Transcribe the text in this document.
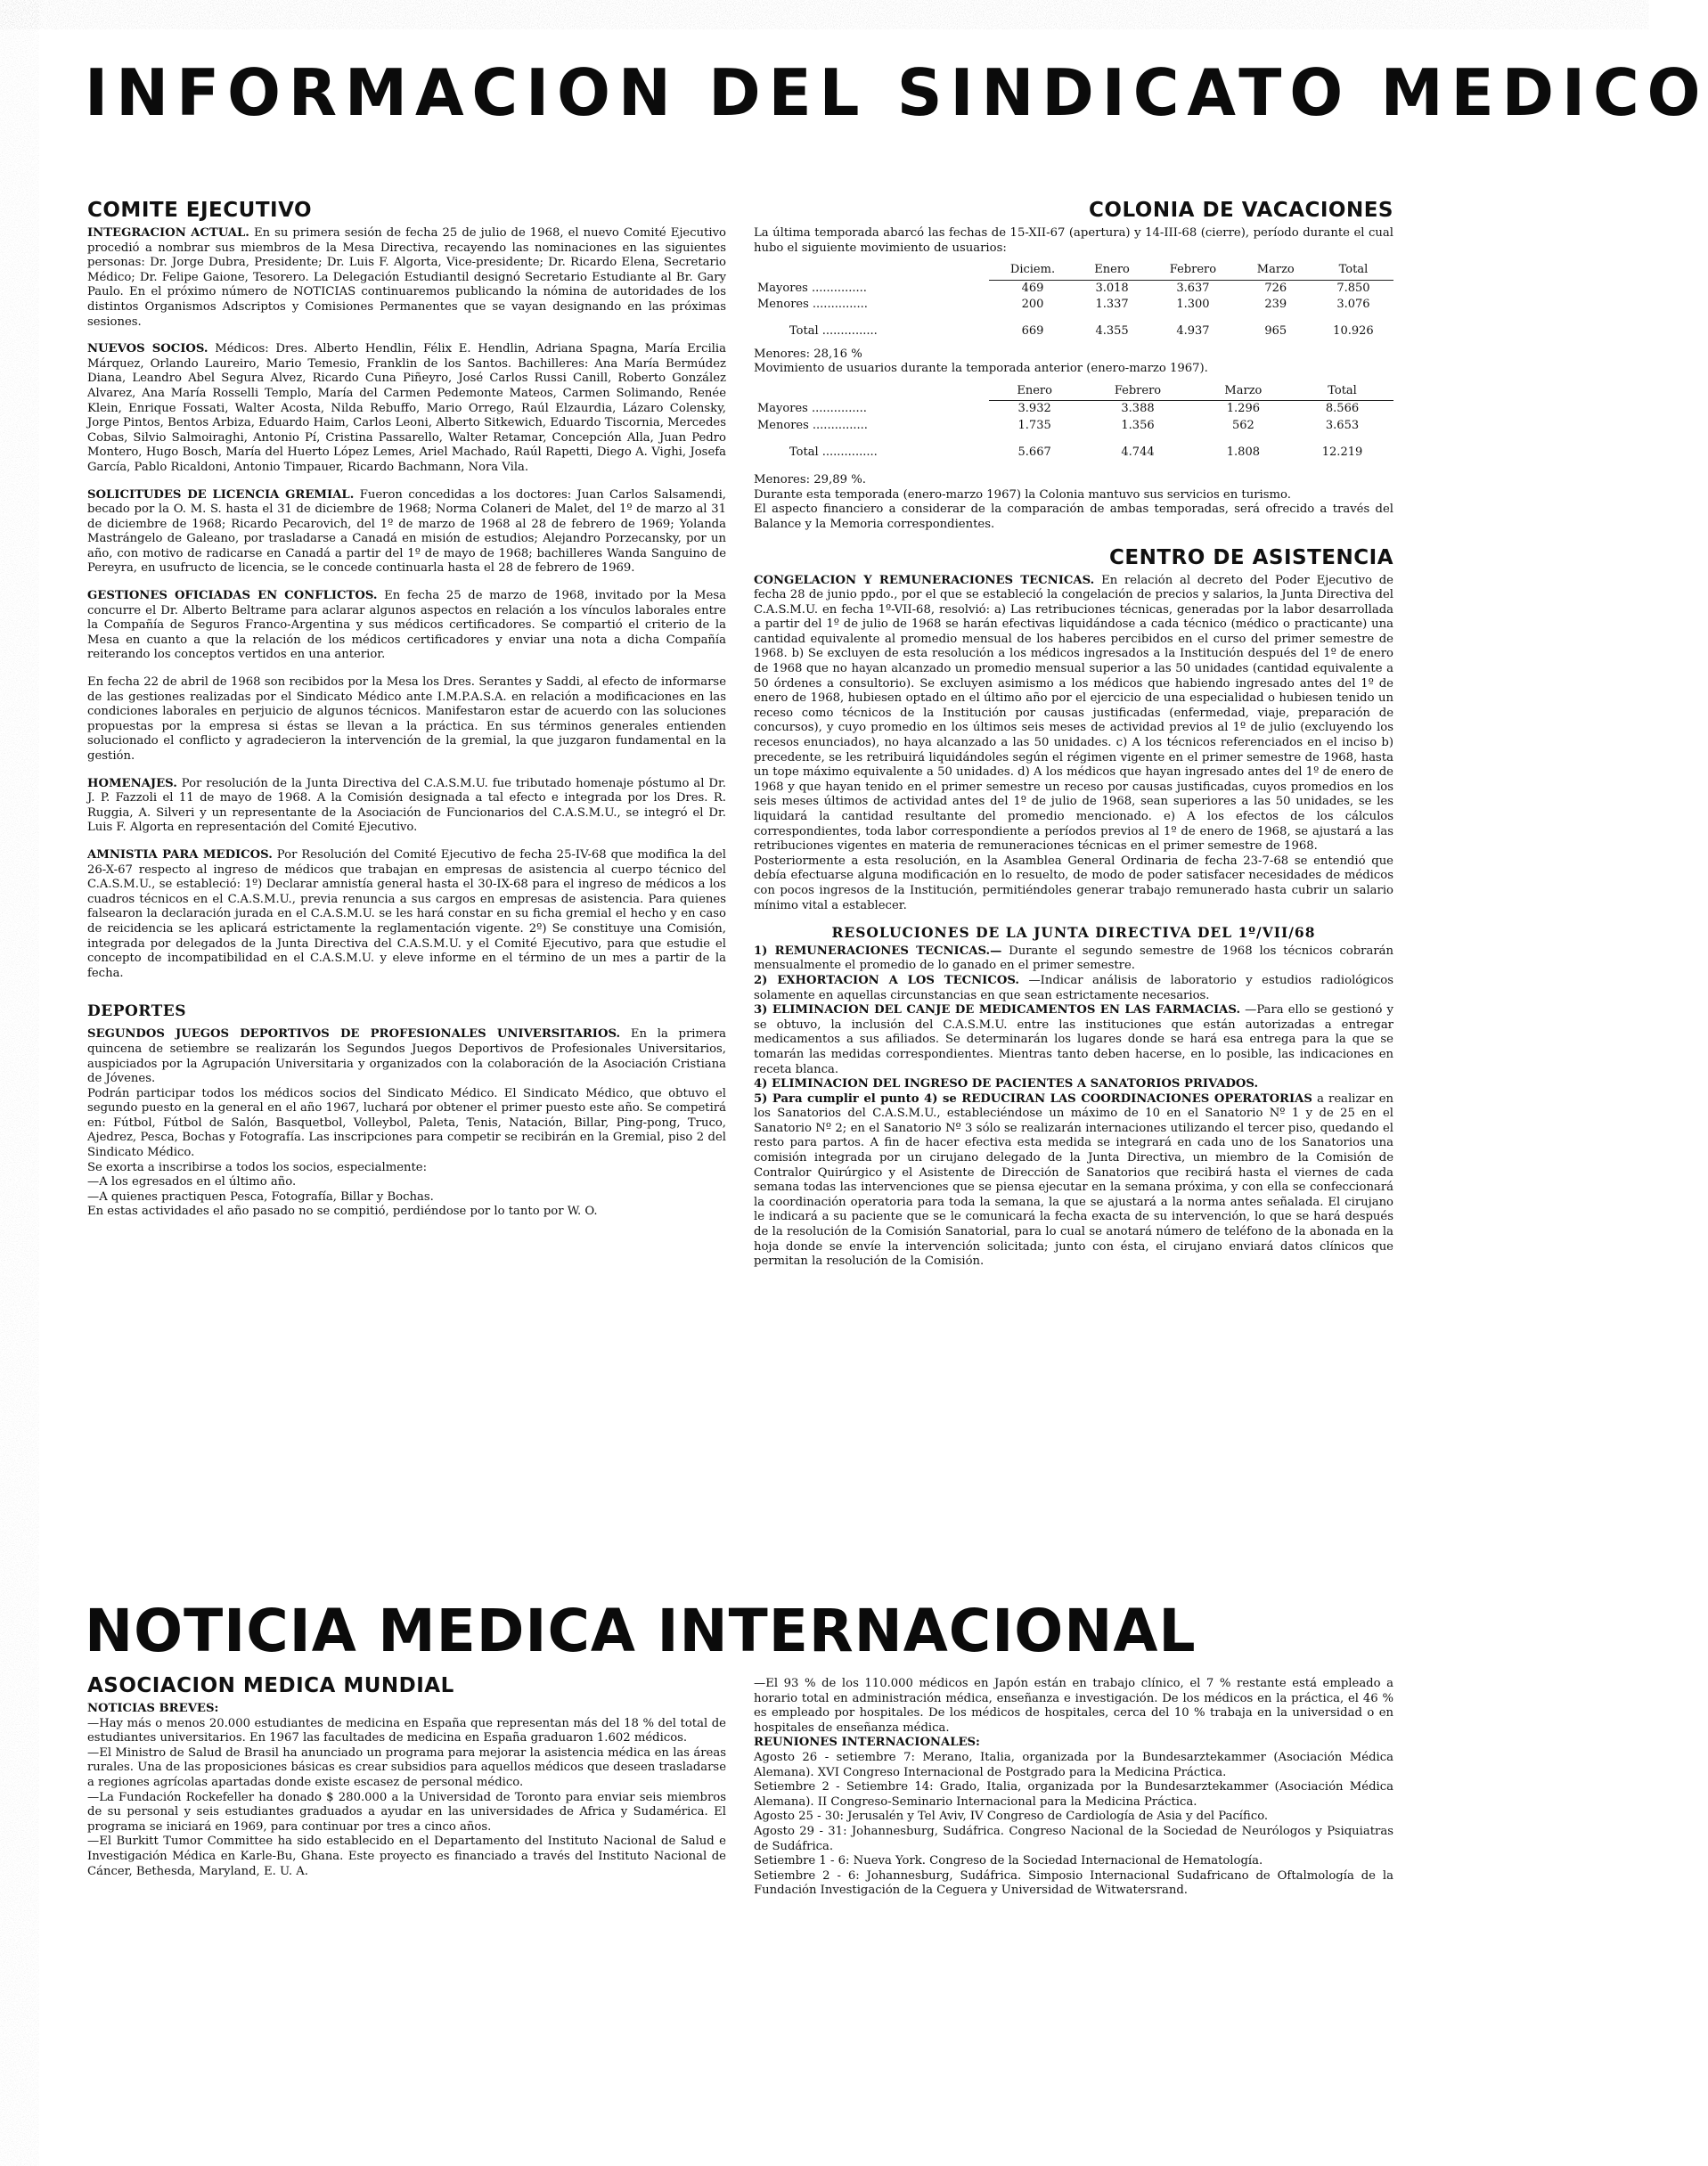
INFORMACION DEL SINDICATO MEDICO
COMITE EJECUTIVO

INTEGRACION ACTUAL. En su primera sesión de fecha 25 de julio de 1968, el nuevo Comité Ejecutivo procedió a nombrar sus miembros de la Mesa Directiva, recayendo las nominaciones en las siguientes personas: Dr. Jorge Dubra, Presidente; Dr. Luis F. Algorta, Vice-presidente; Dr. Ricardo Elena, Secretario Médico; Dr. Felipe Gaione, Tesorero. La Delegación Estudiantil designó Secretario Estudiante al Br. Gary Paulo. En el próximo número de NOTICIAS continuaremos publicando la nómina de autoridades de los distintos Organismos Adscriptos y Comisiones Permanentes que se vayan designando en las próximas sesiones.

NUEVOS SOCIOS. Médicos: Dres. Alberto Hendlin, Félix E. Hendlin, Adriana Spagna, María Ercilia Márquez, Orlando Laureiro, Mario Temesio, Franklin de los Santos. Bachilleres: Ana María Bermúdez Diana, Leandro Abel Segura Alvez, Ricardo Cuna Piñeyro, José Carlos Russi Canill, Roberto González Alvarez, Ana María Rosselli Templo, María del Carmen Pedemonte Mateos, Carmen Solimando, Renée Klein, Enrique Fossati, Walter Acosta, Nilda Rebuffo, Mario Orrego, Raúl Elzaurdia, Lázaro Colensky, Jorge Pintos, Bentos Arbiza, Eduardo Haim, Carlos Leoni, Alberto Sitkewich, Eduardo Tiscornia, Mercedes Cobas, Silvio Salmoiraghi, Antonio Pí, Cristina Passarello, Walter Retamar, Concepción Alla, Juan Pedro Montero, Hugo Bosch, María del Huerto López Lemes, Ariel Machado, Raúl Rapetti, Diego A. Vighi, Josefa García, Pablo Ricaldoni, Antonio Timpauer, Ricardo Bachmann, Nora Vila.

SOLICITUDES DE LICENCIA GREMIAL. Fueron concedidas a los doctores: Juan Carlos Salsamendi, becado por la O. M. S. hasta el 31 de diciembre de 1968; Norma Colaneri de Malet, del 1º de marzo al 31 de diciembre de 1968; Ricardo Pecarovich, del 1º de marzo de 1968 al 28 de febrero de 1969; Yolanda Mastrángelo de Galeano, por trasladarse a Canadá en misión de estudios; Alejandro Porzecansky, por un año, con motivo de radicarse en Canadá a partir del 1º de mayo de 1968; bachilleres Wanda Sanguino de Pereyra, en usufructo de licencia, se le concede continuarla hasta el 28 de febrero de 1969.

GESTIONES OFICIADAS EN CONFLICTOS. En fecha 25 de marzo de 1968, invitado por la Mesa concurre el Dr. Alberto Beltrame para aclarar algunos aspectos en relación a los vínculos laborales entre la Compañía de Seguros Franco-Argentina y sus médicos certificadores. Se compartió el criterio de la Mesa en cuanto a que la relación de los médicos certificadores y enviar una nota a dicha Compañía reiterando los conceptos vertidos en una anterior.

En fecha 22 de abril de 1968 son recibidos por la Mesa los Dres. Serantes y Saddi, al efecto de informarse de las gestiones realizadas por el Sindicato Médico ante I.M.P.A.S.A. en relación a modificaciones en las condiciones laborales en perjuicio de algunos técnicos. Manifestaron estar de acuerdo con las soluciones propuestas por la empresa si éstas se llevan a la práctica. En sus términos generales entienden solucionado el conflicto y agradecieron la intervención de la gremial, la que juzgaron fundamental en la gestión.

HOMENAJES. Por resolución de la Junta Directiva del C.A.S.M.U. fue tributado homenaje póstumo al Dr. J. P. Fazzoli el 11 de mayo de 1968. A la Comisión designada a tal efecto e integrada por los Dres. R. Ruggia, A. Silveri y un representante de la Asociación de Funcionarios del C.A.S.M.U., se integró el Dr. Luis F. Algorta en representación del Comité Ejecutivo.

AMNISTIA PARA MEDICOS. Por Resolución del Comité Ejecutivo de fecha 25-IV-68 que modifica la del 26-X-67 respecto al ingreso de médicos que trabajan en empresas de asistencia al cuerpo técnico del C.A.S.M.U., se estableció: 1º) Declarar amnistía general hasta el 30-IX-68 para el ingreso de médicos a los cuadros técnicos en el C.A.S.M.U., previa renuncia a sus cargos en empresas de asistencia. Para quienes falsearon la declaración jurada en el C.A.S.M.U. se les hará constar en su ficha gremial el hecho y en caso de reicidencia se les aplicará estrictamente la reglamentación vigente. 2º) Se constituye una Comisión, integrada por delegados de la Junta Directiva del C.A.S.M.U. y el Comité Ejecutivo, para que estudie el concepto de incompatibilidad en el C.A.S.M.U. y eleve informe en el término de un mes a partir de la fecha.

DEPORTES

SEGUNDOS JUEGOS DEPORTIVOS DE PROFESIONALES UNIVERSITARIOS. En la primera quincena de setiembre se realizarán los Segundos Juegos Deportivos de Profesionales Universitarios, auspiciados por la Agrupación Universitaria y organizados con la colaboración de la Asociación Cristiana de Jóvenes.

Podrán participar todos los médicos socios del Sindicato Médico. El Sindicato Médico, que obtuvo el segundo puesto en la general en el año 1967, luchará por obtener el primer puesto este año. Se competirá en: Fútbol, Fútbol de Salón, Basquetbol, Volleybol, Paleta, Tenis, Natación, Billar, Ping-pong, Truco, Ajedrez, Pesca, Bochas y Fotografía. Las inscripciones para competir se recibirán en la Gremial, piso 2 del Sindicato Médico.

Se exorta a inscribirse a todos los socios, especialmente:

—A los egresados en el último año.

—A quienes practiquen Pesca, Fotografía, Billar y Bochas.

En estas actividades el año pasado no se compitió, perdiéndose por lo tanto por W. O.

COLONIA DE VACACIONES

La última temporada abarcó las fechas de 15-XII-67 (apertura) y 14-III-68 (cierre), período durante el cual hubo el siguiente movimiento de usuarios:

	Diciem.	Enero	Febrero	Marzo	Total
Mayores ...............	469	3.018	3.637	726	7.850
Menores ...............	200	1.337	1.300	239	3.076
Total ...............	669	4.355	4.937	965	10.926

Menores: 28,16 %

Movimiento de usuarios durante la temporada anterior (enero-marzo 1967).

	Enero	Febrero	Marzo	Total
Mayores ...............	3.932	3.388	1.296	8.566
Menores ...............	1.735	1.356	562	3.653
Total ...............	5.667	4.744	1.808	12.219

Menores: 29,89 %.

Durante esta temporada (enero-marzo 1967) la Colonia mantuvo sus servicios en turismo.

El aspecto financiero a considerar de la comparación de ambas temporadas, será ofrecido a través del Balance y la Memoria correspondientes.

CENTRO DE ASISTENCIA

CONGELACION Y REMUNERACIONES TECNICAS. En relación al decreto del Poder Ejecutivo de fecha 28 de junio ppdo., por el que se estableció la congelación de precios y salarios, la Junta Directiva del C.A.S.M.U. en fecha 1º-VII-68, resolvió: a) Las retribuciones técnicas, generadas por la labor desarrollada a partir del 1º de julio de 1968 se harán efectivas liquidándose a cada técnico (médico o practicante) una cantidad equivalente al promedio mensual de los haberes percibidos en el curso del primer semestre de 1968. b) Se excluyen de esta resolución a los médicos ingresados a la Institución después del 1º de enero de 1968 que no hayan alcanzado un promedio mensual superior a las 50 unidades (cantidad equivalente a 50 órdenes a consultorio). Se excluyen asimismo a los médicos que habiendo ingresado antes del 1º de enero de 1968, hubiesen optado en el último año por el ejercicio de una especialidad o hubiesen tenido un receso como técnicos de la Institución por causas justificadas (enfermedad, viaje, preparación de concursos), y cuyo promedio en los últimos seis meses de actividad previos al 1º de julio (excluyendo los recesos enunciados), no haya alcanzado a las 50 unidades. c) A los técnicos referenciados en el inciso b) precedente, se les retribuirá liquidándoles según el régimen vigente en el primer semestre de 1968, hasta un tope máximo equivalente a 50 unidades. d) A los médicos que hayan ingresado antes del 1º de enero de 1968 y que hayan tenido en el primer semestre un receso por causas justificadas, cuyos promedios en los seis meses últimos de actividad antes del 1º de julio de 1968, sean superiores a las 50 unidades, se les liquidará la cantidad resultante del promedio mencionado. e) A los efectos de los cálculos correspondientes, toda labor correspondiente a períodos previos al 1º de enero de 1968, se ajustará a las retribuciones vigentes en materia de remuneraciones técnicas en el primer semestre de 1968.

Posteriormente a esta resolución, en la Asamblea General Ordinaria de fecha 23-7-68 se entendió que debía efectuarse alguna modificación en lo resuelto, de modo de poder satisfacer necesidades de médicos con pocos ingresos de la Institución, permitiéndoles generar trabajo remunerado hasta cubrir un salario mínimo vital a establecer.

RESOLUCIONES DE LA JUNTA DIRECTIVA DEL 1º/VII/68

1) REMUNERACIONES TECNICAS.— Durante el segundo semestre de 1968 los técnicos cobrarán mensualmente el promedio de lo ganado en el primer semestre.

2) EXHORTACION A LOS TECNICOS. —Indicar análisis de laboratorio y estudios radiológicos solamente en aquellas circunstancias en que sean estrictamente necesarios.

3) ELIMINACION DEL CANJE DE MEDICAMENTOS EN LAS FARMACIAS. —Para ello se gestionó y se obtuvo, la inclusión del C.A.S.M.U. entre las instituciones que están autorizadas a entregar medicamentos a sus afiliados. Se determinarán los lugares donde se hará esa entrega para la que se tomarán las medidas correspondientes. Mientras tanto deben hacerse, en lo posible, las indicaciones en receta blanca.

4) ELIMINACION DEL INGRESO DE PACIENTES A SANATORIOS PRIVADOS.

5) Para cumplir el punto 4) se REDUCIRAN LAS COORDINACIONES OPERATORIAS a realizar en los Sanatorios del C.A.S.M.U., estableciéndose un máximo de 10 en el Sanatorio Nº 1 y de 25 en el Sanatorio Nº 2; en el Sanatorio Nº 3 sólo se realizarán internaciones utilizando el tercer piso, quedando el resto para partos. A fin de hacer efectiva esta medida se integrará en cada uno de los Sanatorios una comisión integrada por un cirujano delegado de la Junta Directiva, un miembro de la Comisión de Contralor Quirúrgico y el Asistente de Dirección de Sanatorios que recibirá hasta el viernes de cada semana todas las intervenciones que se piensa ejecutar en la semana próxima, y con ella se confeccionará la coordinación operatoria para toda la semana, la que se ajustará a la norma antes señalada. El cirujano le indicará a su paciente que se le comunicará la fecha exacta de su intervención, lo que se hará después de la resolución de la Comisión Sanatorial, para lo cual se anotará número de teléfono de la abonada en la hoja donde se envíe la intervención solicitada; junto con ésta, el cirujano enviará datos clínicos que permitan la resolución de la Comisión.

NOTICIA MEDICA INTERNACIONAL
ASOCIACION MEDICA MUNDIAL

NOTICIAS BREVES:

—Hay más o menos 20.000 estudiantes de medicina en España que representan más del 18 % del total de estudiantes universitarios. En 1967 las facultades de medicina en España graduaron 1.602 médicos.

—El Ministro de Salud de Brasil ha anunciado un programa para mejorar la asistencia médica en las áreas rurales. Una de las proposiciones básicas es crear subsidios para aquellos médicos que deseen trasladarse a regiones agrícolas apartadas donde existe escasez de personal médico.

—La Fundación Rockefeller ha donado $ 280.000 a la Universidad de Toronto para enviar seis miembros de su personal y seis estudiantes graduados a ayudar en las universidades de Africa y Sudamérica. El programa se iniciará en 1969, para continuar por tres a cinco años.

—El Burkitt Tumor Committee ha sido establecido en el Departamento del Instituto Nacional de Salud e Investigación Médica en Karle-Bu, Ghana. Este proyecto es financiado a través del Instituto Nacional de Cáncer, Bethesda, Maryland, E. U. A.

—El 93 % de los 110.000 médicos en Japón están en trabajo clínico, el 7 % restante está empleado a horario total en administración médica, enseñanza e investigación. De los médicos en la práctica, el 46 % es empleado por hospitales. De los médicos de hospitales, cerca del 10 % trabaja en la universidad o en hospitales de enseñanza médica.

REUNIONES INTERNACIONALES:

Agosto 26 - setiembre 7: Merano, Italia, organizada por la Bundesarztekammer (Asociación Médica Alemana). XVI Congreso Internacional de Postgrado para la Medicina Práctica.

Setiembre 2 - Setiembre 14: Grado, Italia, organizada por la Bundesarztekammer (Asociación Médica Alemana). II Congreso-Seminario Internacional para la Medicina Práctica.

Agosto 25 - 30: Jerusalén y Tel Aviv, IV Congreso de Cardiología de Asia y del Pacífico.

Agosto 29 - 31: Johannesburg, Sudáfrica. Congreso Nacional de la Sociedad de Neurólogos y Psiquiatras de Sudáfrica.

Setiembre 1 - 6: Nueva York. Congreso de la Sociedad Internacional de Hematología.

Setiembre 2 - 6: Johannesburg, Sudáfrica. Simposio Internacional Sudafricano de Oftalmología de la Fundación Investigación de la Ceguera y Universidad de Witwatersrand.
